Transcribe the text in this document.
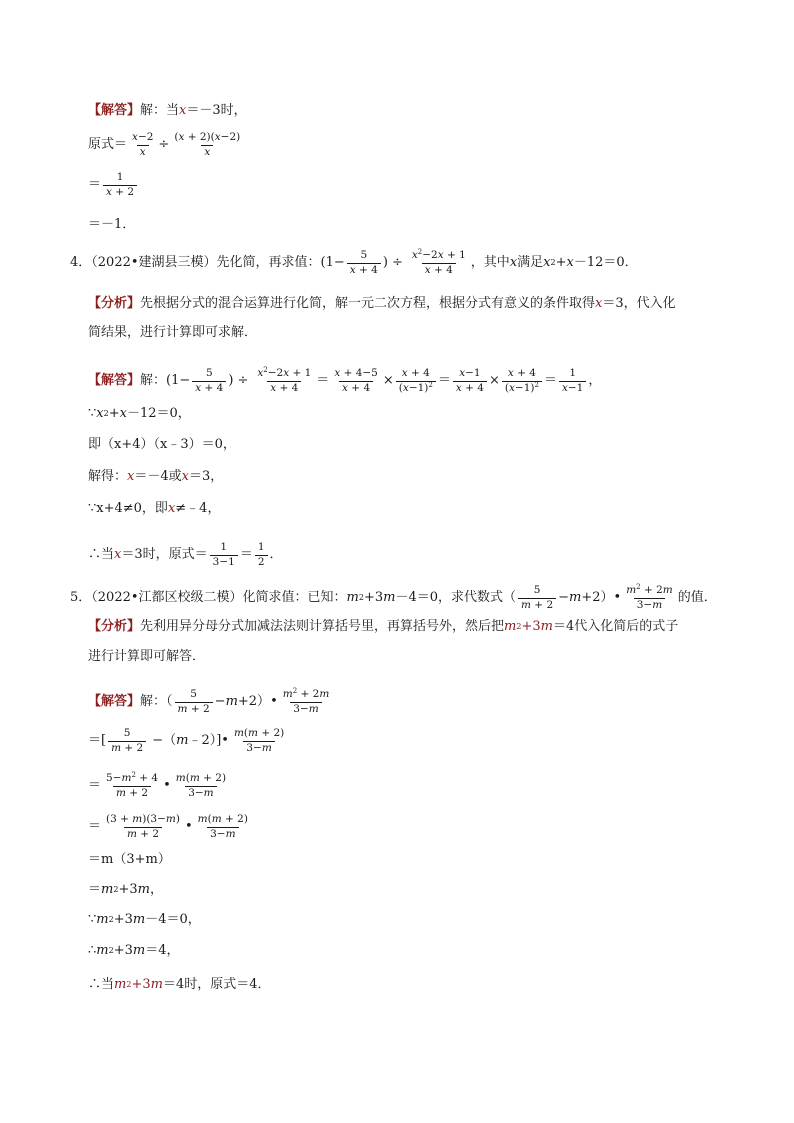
【解答】 解：当 x ＝－3时，
原式＝ $\frac{x-2}{x} \div \frac{(x + 2)(x-2)}{x}$
＝ $\frac{1}{x + 2}$
＝－1．
4．（2022•建湖县三模）先化简，再求值： ($1- \frac{5}{x + 4}$ ) ÷ $\frac{x^2-2x + 1}{x + 4}$ ，其中 x 满足 x 2 + x －12＝0．
【分析】 先根据分式的混合运算进行化简，解一元二次方程，根据分式有意义的条件取得 x ＝3，代入化
简结果，进行计算即可求解．
【解答】 解： ($1- \frac{5}{x + 4}$ ) ÷ $\frac{x^2-2x + 1}{x + 4} = \frac{x + 4-5}{x + 4} \times \frac{x + 4}{(x-1)^2} = \frac{x-1}{x + 4} \times \frac{x + 4}{(x-1)^2} = \frac{1}{x-1}$ ，
∵ x 2 + x －12＝0，
即（x+4）（x﹣3）＝0，
解得： x ＝－4或 x ＝3，
∵x+4≠0，即 x ≠﹣4，
∴当 x ＝3时，原式＝ $\frac{1}{3-1} = \frac{1}{2}$ ．
5．（2022•江都区校级二模）化简求值：已知： m 2 +3 m －4＝0，求代数式（ $\frac{5}{m + 2} -m+2$） • $\frac{m^2 + 2m}{3-m}$ 的值．
【分析】 先利用异分母分式加减法法则计算括号里，再算括号外，然后把 m 2 +3 m ＝4代入化简后的式子
进行计算即可解答．
【解答】 解：（ $\frac{5}{m + 2} -m+2$） • $\frac{m^2 + 2m}{3-m}$
＝[ $\frac{5}{m + 2}$ −（m﹣2）]• $\frac{m(m + 2)}{3-m}$
＝ $\frac{5-m^2 + 4}{m + 2}$ • $\frac{m(m + 2)}{3-m}$
＝ $\frac{(3 + m)(3-m)}{m + 2}$ • $\frac{m(m + 2)}{3-m}$
＝m（3+m）
＝ m 2 +3 m ，
∵ m 2 +3 m －4＝0，
∴ m 2 +3 m ＝4，
∴当 m 2 +3 m ＝4时，原式＝4．
